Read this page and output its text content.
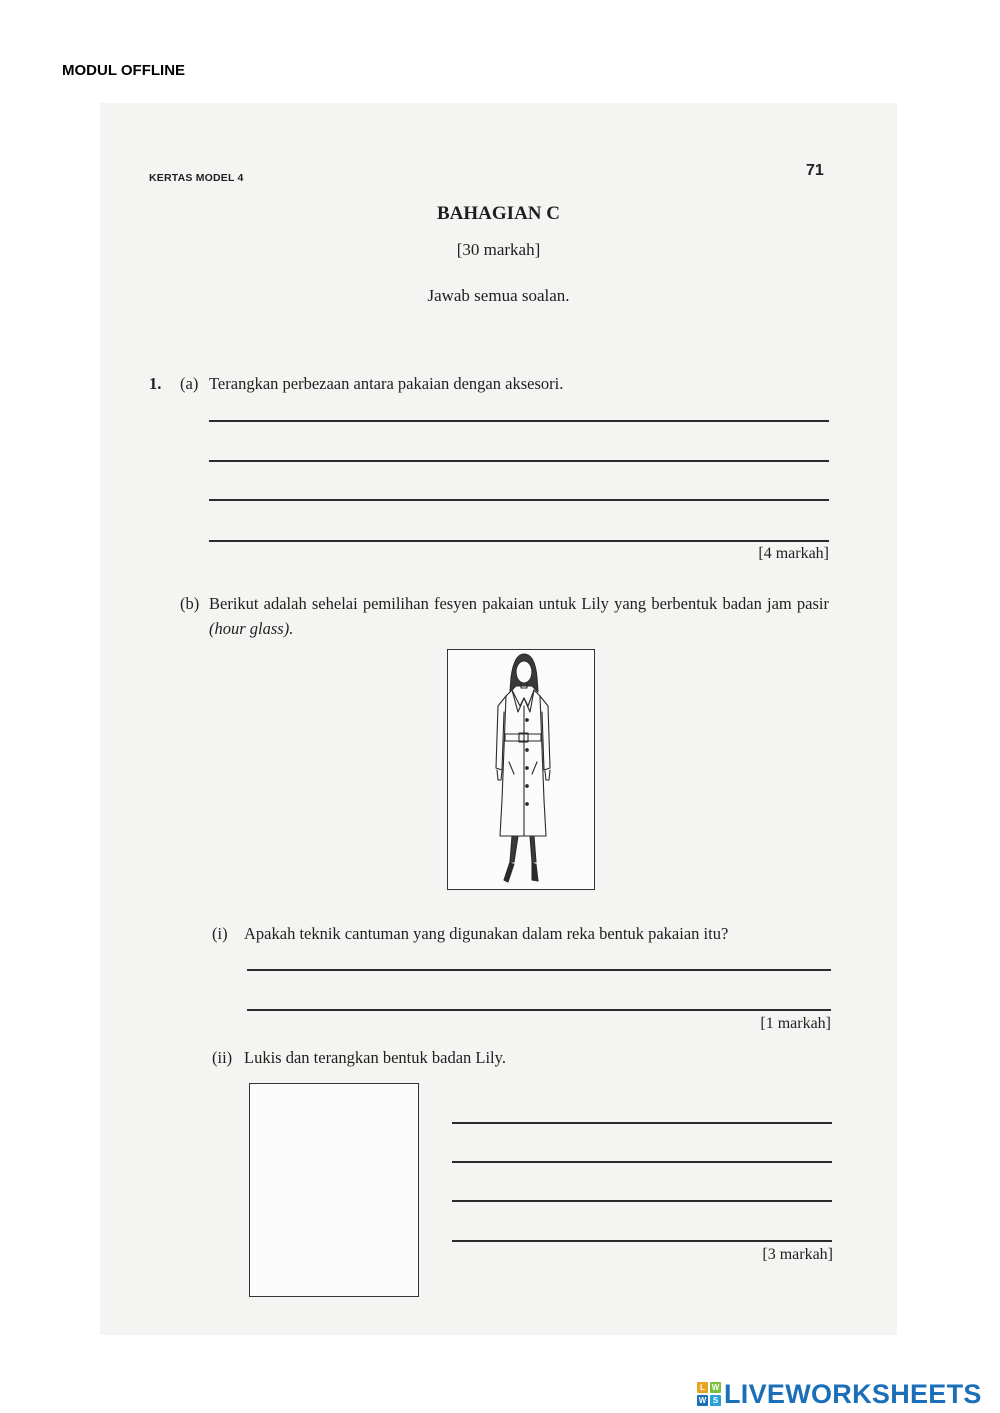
MODUL OFFLINE
KERTAS MODEL 4	71
BAHAGIAN C
[30 markah]
Jawab semua soalan.
1. (a) Terangkan perbezaan antara pakaian dengan aksesori.
[4 markah]
(b) Berikut adalah sehelai pemilihan fesyen pakaian untuk Lily yang berbentuk badan jam pasir
(hour glass).
(i) Apakah teknik cantuman yang digunakan dalam reka bentuk pakaian itu?
[1 markah]
(ii) Lukis dan terangkan bentuk badan Lily.
[3 markah]
L W
W S LIVEWORKSHEETS
